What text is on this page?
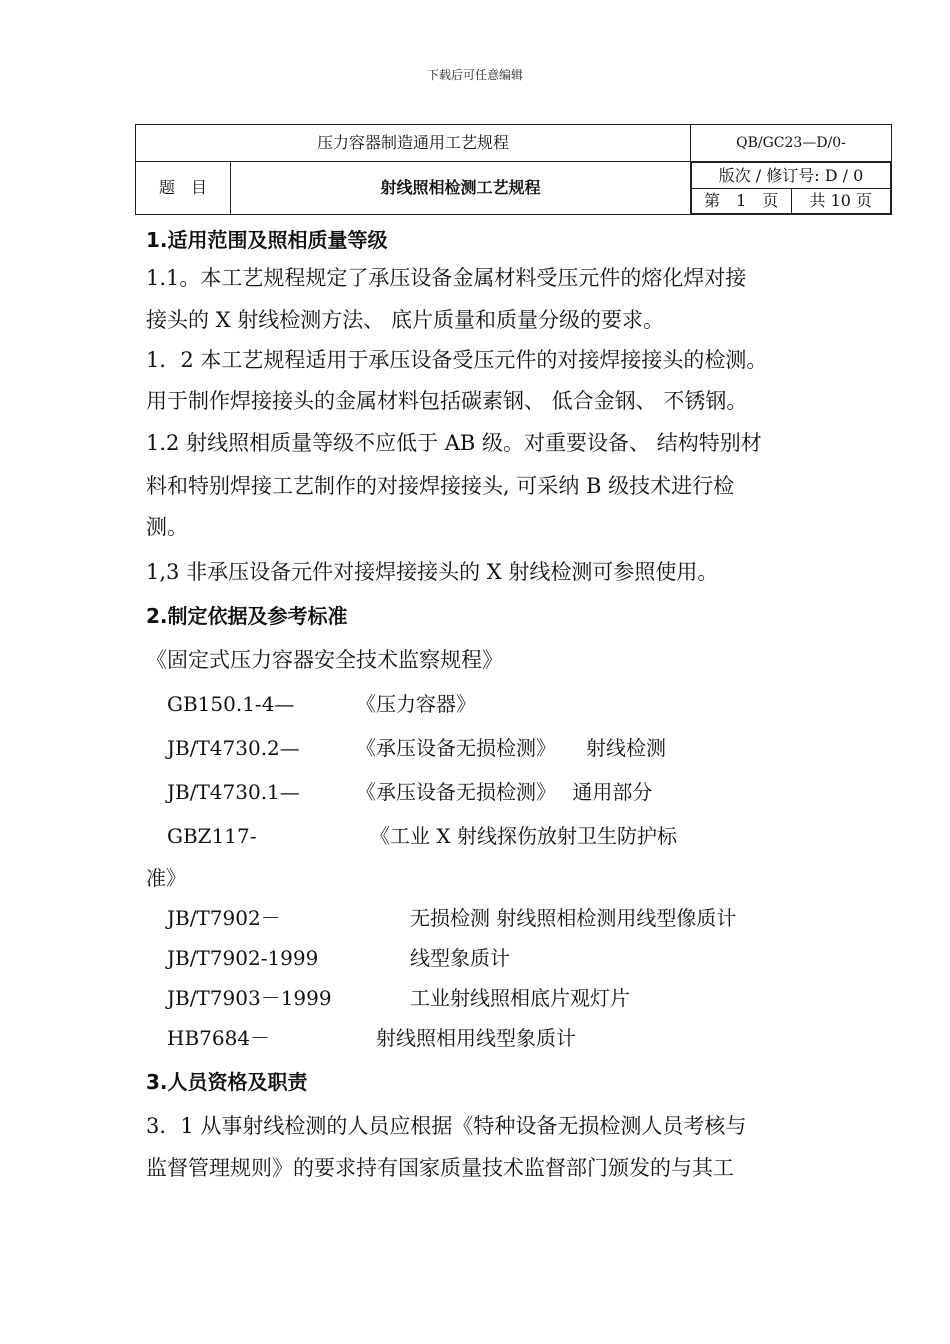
下载后可任意编辑
压力容器制造通用工艺规程	QB/GC23—D/0-
题　目	射线照相检测工艺规程	
版次 / 修订号: D / 0
第　1　页	共 10 页
1.适用范围及照相质量等级
1.1。本工艺规程规定了承压设备金属材料受压元件的熔化焊对接
接头的 X 射线检测方法、 底片质量和质量分级的要求。
1．2 本工艺规程适用于承压设备受压元件的对接焊接接头的检测。
用于制作焊接接头的金属材料包括碳素钢、 低合金钢、 不锈钢。
1.2 射线照相质量等级不应低于 AB 级。对重要设备、 结构特别材
料和特别焊接工艺制作的对接焊接接头, 可采纳 B 级技术进行检
测。
1,3 非承压设备元件对接焊接接头的 X 射线检测可参照使用。
2.制定依据及参考标准
《固定式压力容器安全技术监察规程》
GB150.1-4—	《压力容器》
JB/T4730.2—	《承压设备无损检测》　　射线检测
JB/T4730.1—	《承压设备无损检测》　 通用部分
GBZ117-	《工业 X 射线探伤放射卫生防护标
准》
JB/T7902－	无损检测 射线照相检测用线型像质计
JB/T7902-1999	线型象质计
JB/T7903－1999	工业射线照相底片观灯片
HB7684－	射线照相用线型象质计
3.人员资格及职责
3．1 从事射线检测的人员应根据《特种设备无损检测人员考核与
监督管理规则》的要求持有国家质量技术监督部门颁发的与其工
